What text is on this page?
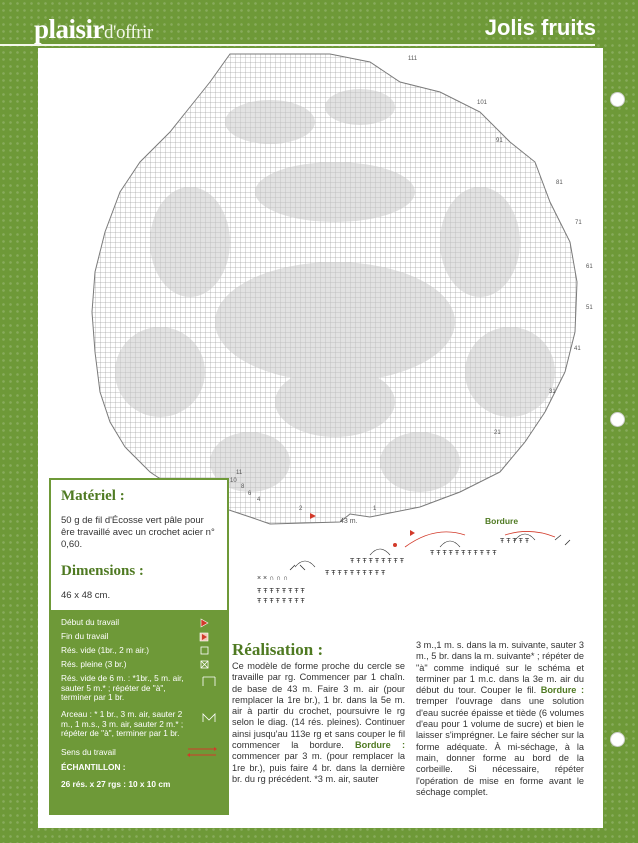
plaisird'offrir	Jolis fruits
111
101
91
81
71
61
51
41
31
21
11
10
8
6
4
2	1
43 m.	Bordure
× × ∩ ∩ ∩
Ŧ Ŧ Ŧ Ŧ Ŧ Ŧ Ŧ Ŧ
Ŧ Ŧ Ŧ Ŧ Ŧ Ŧ Ŧ Ŧ
Ŧ Ŧ Ŧ Ŧ Ŧ Ŧ Ŧ Ŧ Ŧ Ŧ
Ŧ Ŧ Ŧ Ŧ Ŧ Ŧ Ŧ Ŧ Ŧ
Ŧ Ŧ Ŧ Ŧ Ŧ Ŧ Ŧ Ŧ Ŧ Ŧ Ŧ
Ŧ Ŧ Ŧ Ŧ Ŧ
Matériel :
50 g de fil d'Écosse vert pâle pour êre travaillé avec un crochet acier n° 0,60.
Dimensions :
46 x 48 cm.
Début du travail
Fin du travail
Rés. vide (1br., 2 m air.)
Rés. pleine (3 br.)
Rés. vide de 6 m. : *1br., 5 m. air, sauter 5 m.* ; répéter de "à", terminer par 1 br.
Arceau : * 1 br., 3 m. air, sauter 2 m., 1 m.s., 3 m. air, sauter 2 m.* ; répéter de "à", terminer par 1 br.
Sens du travail
ÉCHANTILLON :
26 rés. x 27 rgs : 10 x 10 cm
Réalisation :
Ce modèle de forme proche du cercle se travaille par rg. Commencer par 1 chaîn. de base de 43 m. Faire 3 m. air (pour remplacer la 1re br.), 1 br. dans la 5e m. air à partir du crochet, poursuivre le rg selon le diag. (14 rés. pleines). Continuer ainsi jusqu'au 113e rg et sans couper le fil commencer la bordure. Bordure : commencer par 3 m. (pour remplacer la 1re br.), puis faire 4 br. dans la dernière br. du rg précédent. *3 m. air, sauter
3 m.,1 m. s. dans la m. suivante, sauter 3 m., 5 br. dans la m. suivante* ; répéter de "à" comme indiqué sur le schéma et terminer par 1 m.c. dans la 3e m. air du début du tour. Couper le fil. Bordure : tremper l'ouvrage dans une solution d'eau sucrée épaisse et tiède (6 volumes d'eau pour 1 volume de sucre) et bien le laisser s'imprégner. Le faire sécher sur la forme adéquate. À mi-séchage, à la main, donner forme au bord de la corbeille. Si nécessaire, répéter l'opération de mise en forme avant le séchage complet.
ÉDITIONS ATLAS
